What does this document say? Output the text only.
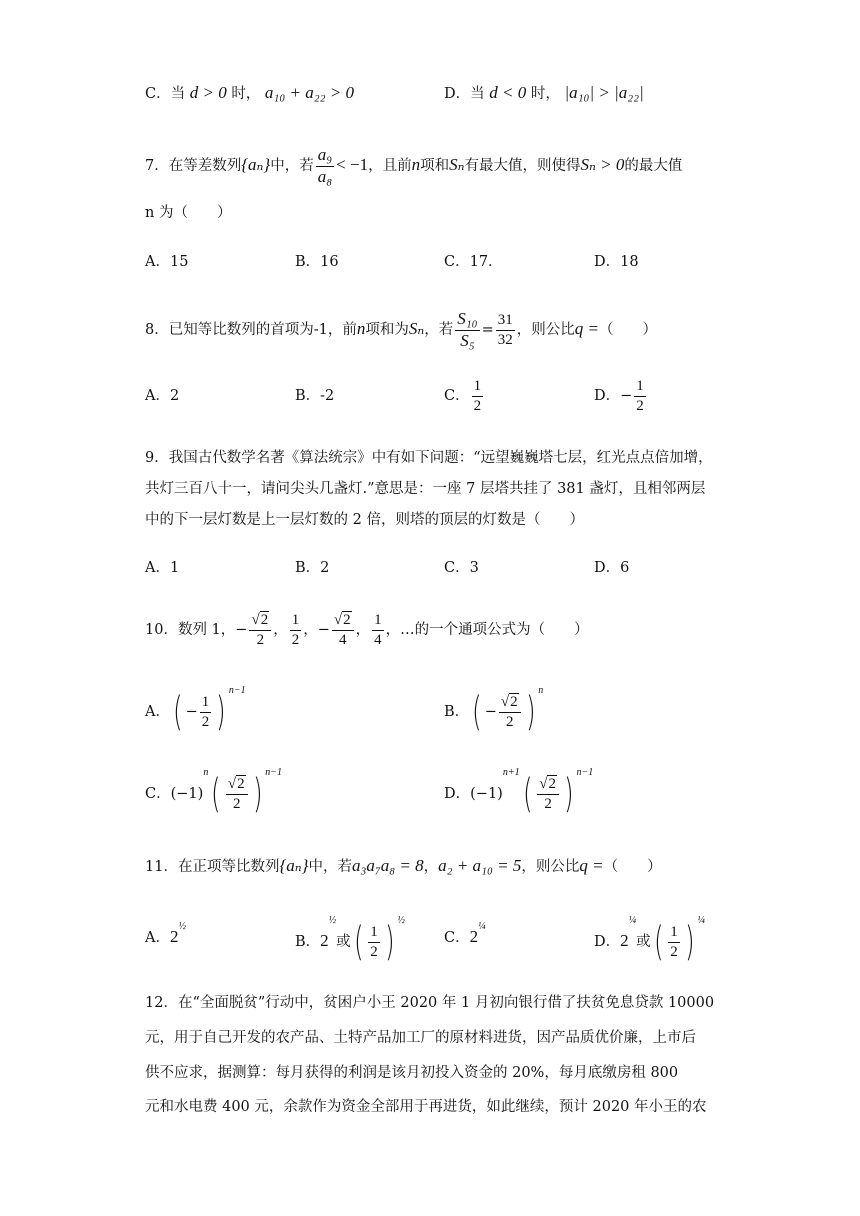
C．当 d > 0 时， a₁₀ + a₂₂ > 0	D．当 d < 0 时， |a₁₀| > |a₂₂|
7．在等差数列{aₙ}中，若 $\frac{\text{a₉}}{\text{a₈}} < -1$，且前n项和Sₙ有最大值，则使得Sₙ > 0的最大值
n 为（　　）
A．15	B．16	C．17．	D．18
8．已知等比数列的首项为-1，前n项和为Sₙ，若 $\frac{\text{S₁₀}}{\text{S₅}} = \frac{31}{32}$ ，则公比q =（　　）
A．2	B．-2	C． $\frac{1}{2}$	D．− $\frac{1}{2}$
9．我国古代数学名著《算法统宗》中有如下问题：“远望巍巍塔七层，红光点点倍加增，
共灯三百八十一，请问尖头几盏灯.”意思是：一座 7 层塔共挂了 381 盏灯，且相邻两层
中的下一层灯数是上一层灯数的 2 倍，则塔的顶层的灯数是（　　）
A．1	B．2	C．3	D．6
10．数列 1，− $\frac{√2}{2}$ ， $\frac{1}{2}$ ，− $\frac{√2}{4}$ ， $\frac{1}{4}$ ，…的一个通项公式为（　　）
A．( − $\frac{1}{2}$ ) $^{n-1}$
B．( − $\frac{√2}{2}$ ) $^n$
C．$(-1)^n( \frac{√2}{2}$ ) $^{n-1}$
D．$(-1)^{n+1}( \frac{√2}{2}$ ) $^{n-1}$
11．在正项等比数列{aₙ}中，若a₃a₇a₈ = 8，a₂ + a₁₀ = 5，则公比q =（　　）
A．$2^{\frac{1}{2}}$
B．$2^{\frac{1}{2}}$或( $\frac{1}{2}$ ) $^{\frac{1}{2}}$
C．$2^{\frac{1}{4}}$
D．$2^{\frac{1}{4}}$或( $\frac{1}{2}$ ) $^{\frac{1}{4}}$
12．在“全面脱贫”行动中，贫困户小王 2020 年 1 月初向银行借了扶贫免息贷款 10000
元，用于自己开发的农产品、土特产品加工厂的原材料进货，因产品质优价廉，上市后
供不应求，据测算：每月获得的利润是该月初投入资金的 20%，每月底缴房租 800
元和水电费 400 元，余款作为资金全部用于再进货，如此继续，预计 2020 年小王的农
